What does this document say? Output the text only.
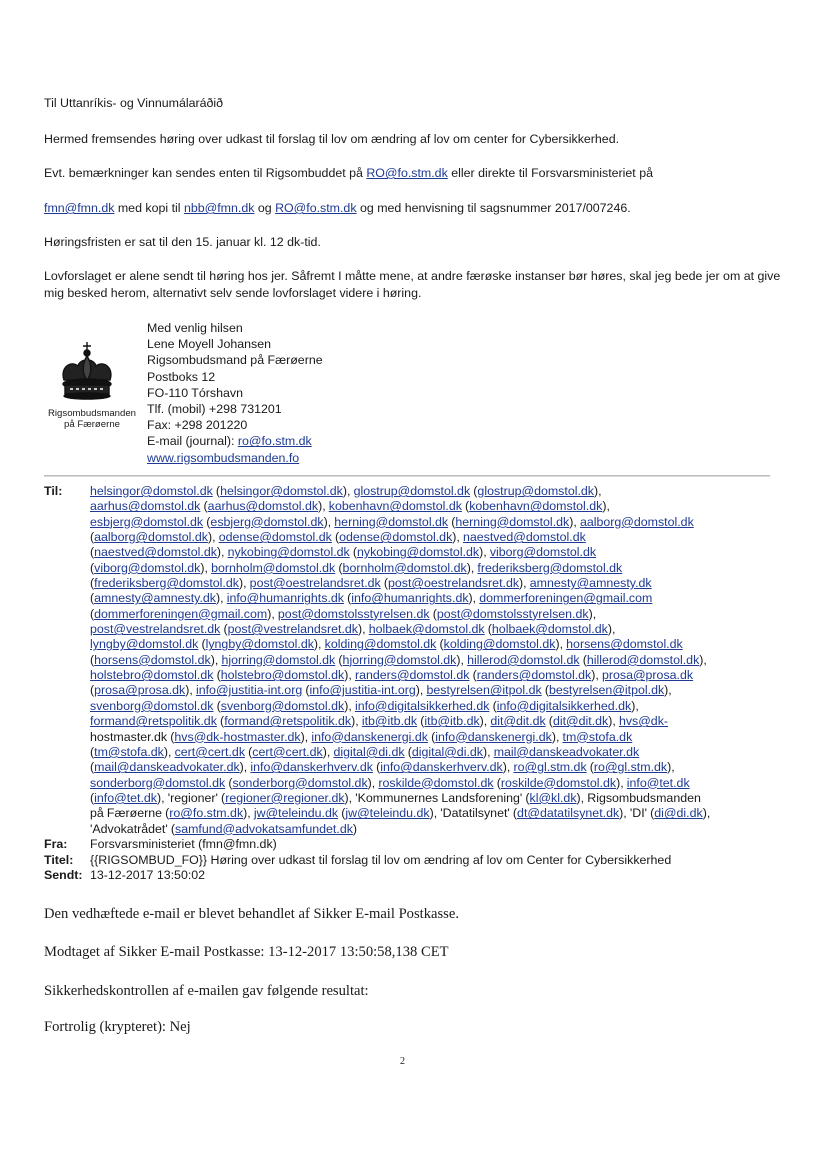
Til Uttanríkis- og Vinnumálaráðið

Hermed fremsendes høring over udkast til forslag til lov om ændring af lov om center for Cybersikkerhed.

Evt. bemærkninger kan sendes enten til Rigsombuddet på RO@fo.stm.dk eller direkte til Forsvarsministeriet på

fmn@fmn.dk med kopi til nbb@fmn.dk og RO@fo.stm.dk og med henvisning til sagsnummer 2017/007246.

Høringsfristen er sat til den 15. januar kl. 12 dk-tid.

Lovforslaget er alene sendt til høring hos jer. Såfremt I måtte mene, at andre færøske instanser bør høres, skal jeg bede jer om at give mig besked herom, alternativt selv sende lovforslaget videre i høring.

Rigsombudsmanden
på Færøerne
Med venlig hilsen
Lene Moyell Johansen
Rigsombudsmand på Færøerne
Postboks 12
FO-110 Tórshavn
Tlf. (mobil) +298 731201
Fax: +298 201220
E-mail (journal): ro@fo.stm.dk
www.rigsombudsmanden.fo
Til:	helsingor@domstol.dk (helsingor@domstol.dk), glostrup@domstol.dk (glostrup@domstol.dk),
aarhus@domstol.dk (aarhus@domstol.dk), kobenhavn@domstol.dk (kobenhavn@domstol.dk),
esbjerg@domstol.dk (esbjerg@domstol.dk), herning@domstol.dk (herning@domstol.dk), aalborg@domstol.dk
(aalborg@domstol.dk), odense@domstol.dk (odense@domstol.dk), naestved@domstol.dk
(naestved@domstol.dk), nykobing@domstol.dk (nykobing@domstol.dk), viborg@domstol.dk
(viborg@domstol.dk), bornholm@domstol.dk (bornholm@domstol.dk), frederiksberg@domstol.dk
(frederiksberg@domstol.dk), post@oestrelandsret.dk (post@oestrelandsret.dk), amnesty@amnesty.dk
(amnesty@amnesty.dk), info@humanrights.dk (info@humanrights.dk), dommerforeningen@gmail.com
(dommerforeningen@gmail.com), post@domstolsstyrelsen.dk (post@domstolsstyrelsen.dk),
post@vestrelandsret.dk (post@vestrelandsret.dk), holbaek@domstol.dk (holbaek@domstol.dk),
lyngby@domstol.dk (lyngby@domstol.dk), kolding@domstol.dk (kolding@domstol.dk), horsens@domstol.dk
(horsens@domstol.dk), hjorring@domstol.dk (hjorring@domstol.dk), hillerod@domstol.dk (hillerod@domstol.dk),
holstebro@domstol.dk (holstebro@domstol.dk), randers@domstol.dk (randers@domstol.dk), prosa@prosa.dk
(prosa@prosa.dk), info@justitia-int.org (info@justitia-int.org), bestyrelsen@itpol.dk (bestyrelsen@itpol.dk),
svenborg@domstol.dk (svenborg@domstol.dk), info@digitalsikkerhed.dk (info@digitalsikkerhed.dk),
formand@retspolitik.dk (formand@retspolitik.dk), itb@itb.dk (itb@itb.dk), dit@dit.dk (dit@dit.dk), hvs@dk-
hostmaster.dk (hvs@dk-hostmaster.dk), info@danskenergi.dk (info@danskenergi.dk), tm@stofa.dk
(tm@stofa.dk), cert@cert.dk (cert@cert.dk), digital@di.dk (digital@di.dk), mail@danskeadvokater.dk
(mail@danskeadvokater.dk), info@danskerhverv.dk (info@danskerhverv.dk), ro@gl.stm.dk (ro@gl.stm.dk),
sonderborg@domstol.dk (sonderborg@domstol.dk), roskilde@domstol.dk (roskilde@domstol.dk), info@tet.dk
(info@tet.dk), 'regioner' (regioner@regioner.dk), 'Kommunernes Landsforening' (kl@kl.dk), Rigsombudsmanden
på Færøerne (ro@fo.stm.dk), jw@teleindu.dk (jw@teleindu.dk), 'Datatilsynet' (dt@datatilsynet.dk), 'DI' (di@di.dk),
'Advokatrådet' (samfund@advokatsamfundet.dk)
Fra:	Forsvarsministeriet (fmn@fmn.dk)
Titel:	{{RIGSOMBUD_FO}} Høring over udkast til forslag til lov om ændring af lov om Center for Cybersikkerhed
Sendt: 13-12-2017 13:50:02
Den vedhæftede e-mail er blevet behandlet af Sikker E-mail Postkasse.
Modtaget af Sikker E-mail Postkasse: 13-12-2017 13:50:58,138 CET
Sikkerhedskontrollen af e-mailen gav følgende resultat:
Fortrolig (krypteret): Nej
2
